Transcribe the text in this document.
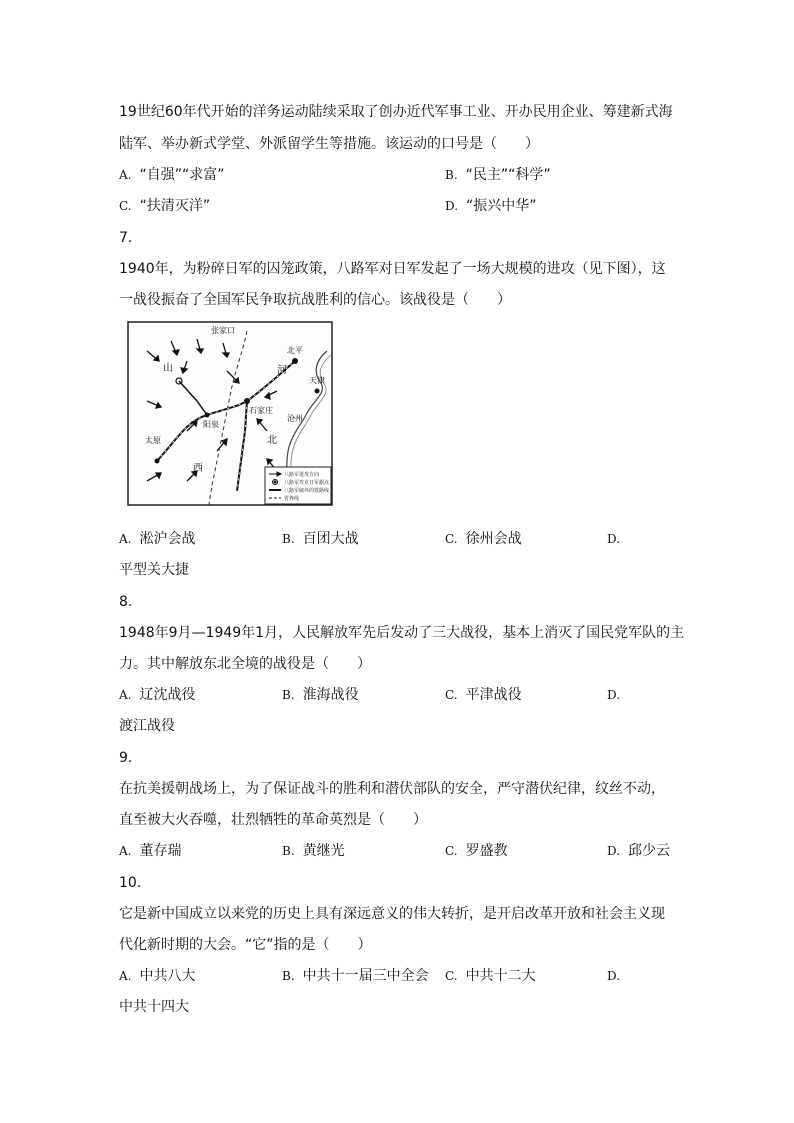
19世纪60年代开始的洋务运动陆续采取了创办近代军事工业、开办民用企业、筹建新式海
陆军、举办新式学堂、外派留学生等措施。该运动的口号是（　　）
A. “自强”“求富”	B. “民主”“科学”
C. “扶清灭洋”	D. “振兴中华”
7.
1940年，为粉碎日军的囚笼政策，八路军对日军发起了一场大规模的进攻（见下图），这
一战役振奋了全国军民争取抗战胜利的信心。该战役是（　　）
北平
天津
石家庄
阳泉
山
西
河
北
太原
张家口
沧州
八路军进攻方向
八路军攻克日军据点
八路军破坏的铁路线
省界线
A. 淞沪会战	B. 百团大战	C. 徐州会战	D.
平型关大捷
8.
1948年9月—1949年1月，人民解放军先后发动了三大战役，基本上消灭了国民党军队的主
力。其中解放东北全境的战役是（　　）
A. 辽沈战役	B. 淮海战役	C. 平津战役	D.
渡江战役
9.
在抗美援朝战场上，为了保证战斗的胜利和潜伏部队的安全，严守潜伏纪律，纹丝不动，
直至被大火吞噬，壮烈牺牲的革命英烈是（　　）
A. 董存瑞	B. 黄继光	C. 罗盛教	D. 邱少云
10.
它是新中国成立以来党的历史上具有深远意义的伟大转折，是开启改革开放和社会主义现
代化新时期的大会。“它”指的是（　　）
A. 中共八大	B. 中共十一届三中全会 C. 中共十二大	D.
中共十四大
